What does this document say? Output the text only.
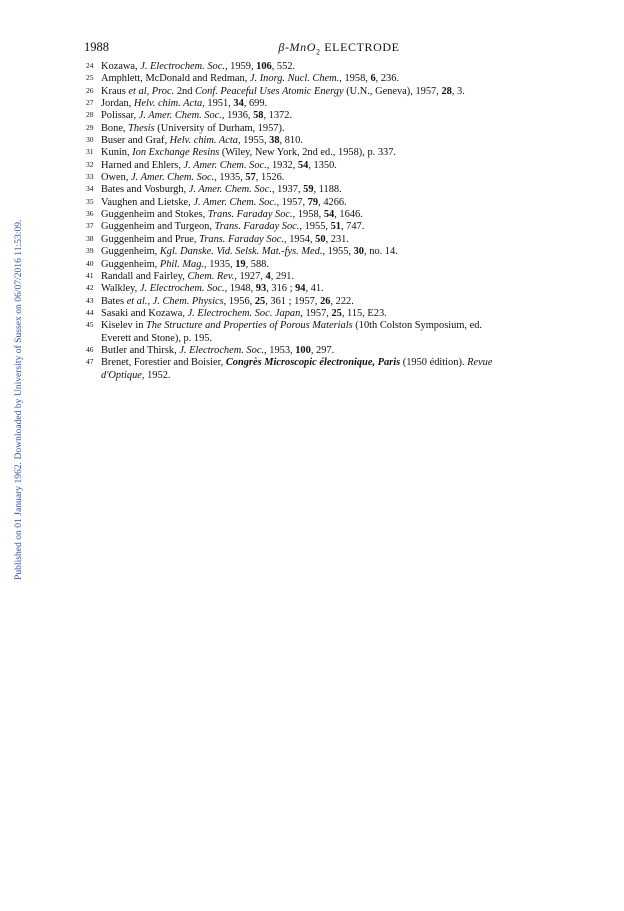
Published on 01 January 1962. Downloaded by University of Sussex on 06/07/2016 11:53:09.
1988	β-MnO$_2$ ELECTRODE
24 Kozawa, J. Electrochem. Soc., 1959, 106, 552.
25 Amphlett, McDonald and Redman, J. Inorg. Nucl. Chem., 1958, 6, 236.
26 Kraus et al, Proc. 2nd Conf. Peaceful Uses Atomic Energy (U.N., Geneva), 1957, 28, 3.
27 Jordan, Helv. chim. Acta, 1951, 34, 699.
28 Polissar, J. Amer. Chem. Soc., 1936, 58, 1372.
29 Bone, Thesis (University of Durham, 1957).
30 Buser and Graf, Helv. chim. Acta, 1955, 38, 810.
31 Kunin, Ion Exchange Resins (Wiley, New York, 2nd ed., 1958), p. 337.
32 Harned and Ehlers, J. Amer. Chem. Soc., 1932, 54, 1350.
33 Owen, J. Amer. Chem. Soc., 1935, 57, 1526.
34 Bates and Vosburgh, J. Amer. Chem. Soc., 1937, 59, 1188.
35 Vaughen and Lietske, J. Amer. Chem. Soc., 1957, 79, 4266.
36 Guggenheim and Stokes, Trans. Faraday Soc., 1958, 54, 1646.
37 Guggenheim and Turgeon, Trans. Faraday Soc., 1955, 51, 747.
38 Guggenheim and Prue, Trans. Faraday Soc., 1954, 50, 231.
39 Guggenheim, Kgl. Danske. Vid. Selsk. Mat.-fys. Med., 1955, 30, no. 14.
40 Guggenheim, Phil. Mag., 1935, 19, 588.
41 Randall and Fairley, Chem. Rev., 1927, 4, 291.
42 Walkley, J. Electrochem. Soc., 1948, 93, 316 ; 94, 41.
43 Bates et al., J. Chem. Physics, 1956, 25, 361 ; 1957, 26, 222.
44 Sasaki and Kozawa, J. Electrochem. Soc. Japan, 1957, 25, 115, E23.
45 Kiselev in The Structure and Properties of Porous Materials (10th Colston Symposium, ed.
Everett and Stone), p. 195.
46 Butler and Thirsk, J. Electrochem. Soc., 1953, 100, 297.
47 Brenet, Forestier and Boisier, Congrès Microscopic électronique, Paris (1950 édition). Revue
d'Optique, 1952.
